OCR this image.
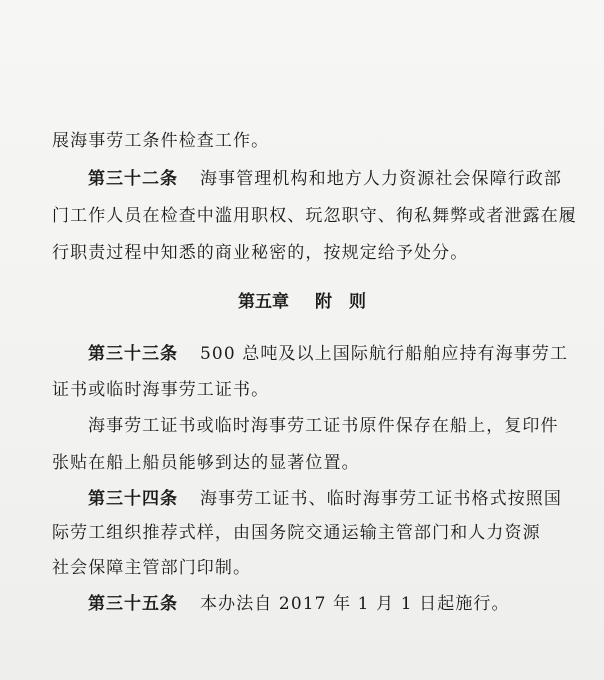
展海事劳工条件检查工作。
第三十二条 海事管理机构和地方人力资源社会保障行政部
门工作人员在检查中滥用职权、玩忽职守、徇私舞弊或者泄露在履
行职责过程中知悉的商业秘密的，按规定给予处分。
第五章 附　则
第三十三条 500 总吨及以上国际航行船舶应持有海事劳工
证书或临时海事劳工证书。
海事劳工证书或临时海事劳工证书原件保存在船上，复印件
张贴在船上船员能够到达的显著位置。
第三十四条 海事劳工证书、临时海事劳工证书格式按照国
际劳工组织推荐式样，由国务院交通运输主管部门和人力资源
社会保障主管部门印制。
第三十五条 本办法自 2017 年 1 月 1 日起施行。
